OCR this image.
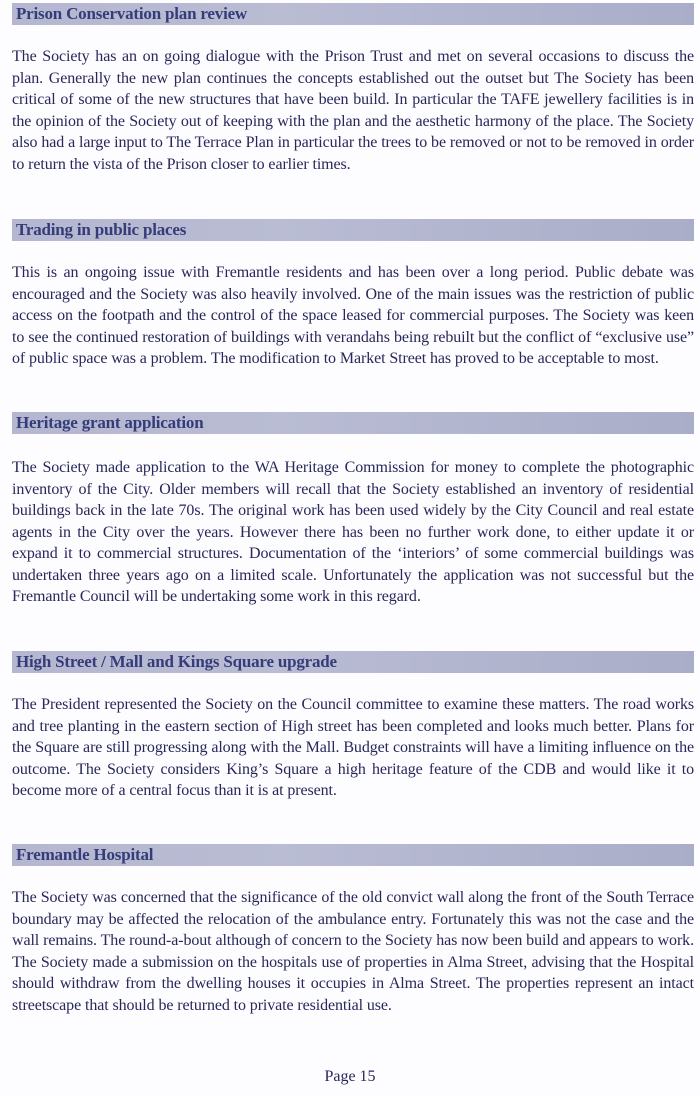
Prison Conservation plan review
The Society has an on going dialogue with the Prison Trust and met on several occasions to discuss the plan. Generally the new plan continues the concepts established out the outset but The Society has been critical of some of the new structures that have been build. In particular the TAFE jewellery facilities is in the opinion of the Society out of keeping with the plan and the aesthetic harmony of the place. The Society also had a large input to The Terrace Plan in particular the trees to be removed or not to be removed in order to return the vista of the Prison closer to earlier times.
Trading in public places
This is an ongoing issue with Fremantle residents and has been over a long period. Public debate was encouraged and the Society was also heavily involved. One of the main issues was the restriction of public access on the footpath and the control of the space leased for commercial purposes. The Society was keen to see the continued restoration of buildings with verandahs being rebuilt but the conflict of “exclusive use” of public space was a problem. The modification to Market Street has proved to be acceptable to most.
Heritage grant application
The Society made application to the WA Heritage Commission for money to complete the photographic inventory of the City. Older members will recall that the Society established an inventory of residential buildings back in the late 70s. The original work has been used widely by the City Council and real estate agents in the City over the years. However there has been no further work done, to either update it or expand it to commercial structures. Documentation of the ‘interiors’ of some commercial buildings was undertaken three years ago on a limited scale. Unfortunately the application was not successful but the Fremantle Council will be undertaking some work in this regard.
High Street / Mall and Kings Square upgrade
The President represented the Society on the Council committee to examine these matters. The road works and tree planting in the eastern section of High street has been completed and looks much better. Plans for the Square are still progressing along with the Mall. Budget constraints will have a limiting influence on the outcome. The Society considers King’s Square a high heritage feature of the CDB and would like it to become more of a central focus than it is at present.
Fremantle Hospital
The Society was concerned that the significance of the old convict wall along the front of the South Terrace boundary may be affected the relocation of the ambulance entry. Fortunately this was not the case and the wall remains. The round-a-bout although of concern to the Society has now been build and appears to work. The Society made a submission on the hospitals use of properties in Alma Street, advising that the Hospital should withdraw from the dwelling houses it occupies in Alma Street. The properties represent an intact streetscape that should be returned to private residential use.
Page 15
